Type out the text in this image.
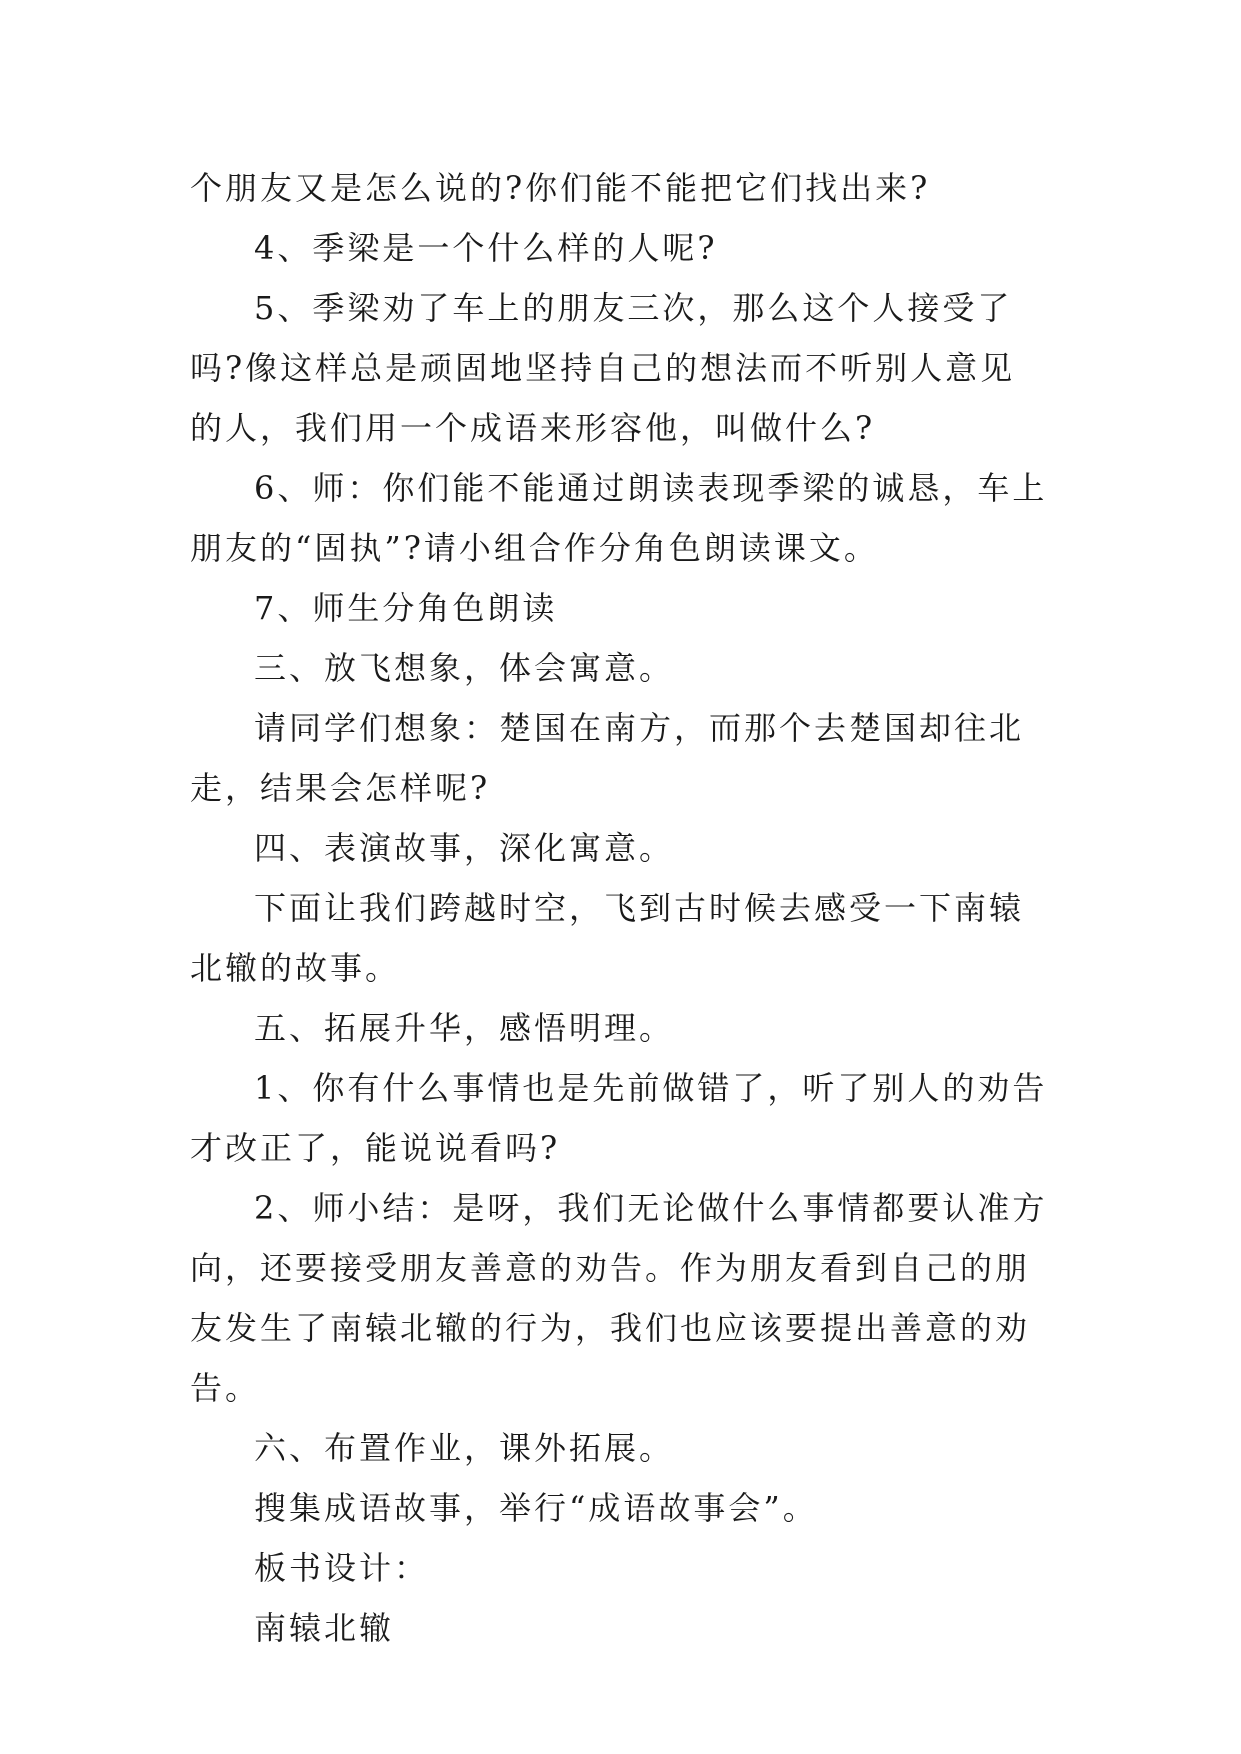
个朋友又是怎么说的?你们能不能把它们找出来?

4、季梁是一个什么样的人呢?

5、季梁劝了车上的朋友三次，那么这个人接受了吗?像这样总是顽固地坚持自己的想法而不听别人意见的人，我们用一个成语来形容他，叫做什么?

6、师：你们能不能通过朗读表现季梁的诚恳，车上朋友的“固执”?请小组合作分角色朗读课文。

7、师生分角色朗读

三、放飞想象，体会寓意。

请同学们想象：楚国在南方，而那个去楚国却往北走，结果会怎样呢?

四、表演故事，深化寓意。

下面让我们跨越时空，飞到古时候去感受一下南辕北辙的故事。

五、拓展升华，感悟明理。

1、你有什么事情也是先前做错了，听了别人的劝告才改正了，能说说看吗?

2、师小结：是呀，我们无论做什么事情都要认准方向，还要接受朋友善意的劝告。作为朋友看到自己的朋友发生了南辕北辙的行为，我们也应该要提出善意的劝告。

六、布置作业，课外拓展。

搜集成语故事，举行“成语故事会”。

板书设计：

南辕北辙
